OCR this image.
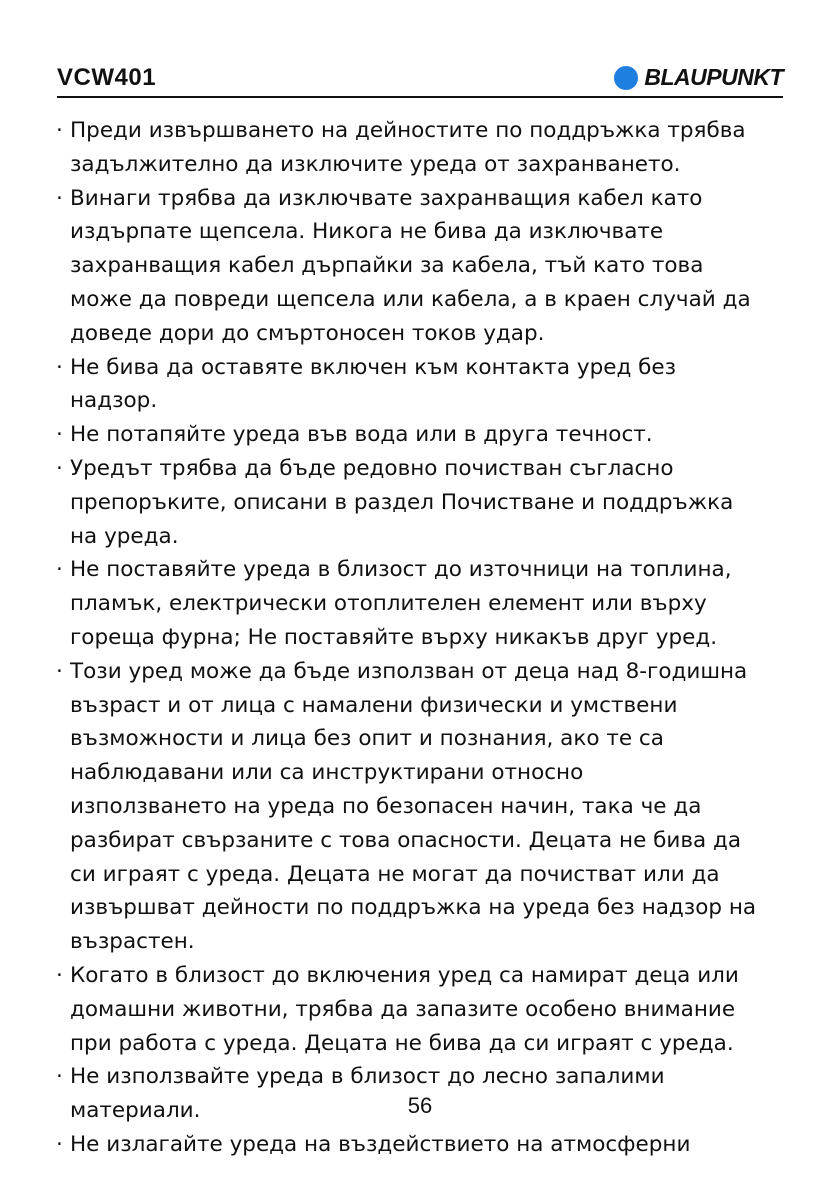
VCW401	BLAUPUNKT
· Преди извършването на дейностите по поддръжка трябва
задължително да изключите уреда от захранването.
· Винаги трябва да изключвате захранващия кабел като
издърпате щепсела. Никога не бива да изключвате
захранващия кабел дърпайки за кабела, тъй като това
може да повреди щепсела или кабела, а в краен случай да
доведе дори до смъртоносен токов удар.
· Не бива да оставяте включен към контакта уред без
надзор.
· Не потапяйте уреда във вода или в друга течност.
· Уредът трябва да бъде редовно почистван съгласно
препоръките, описани в раздел Почистване и поддръжка
на уреда.
· Не поставяйте уреда в близост до източници на топлина,
пламък, електрически отоплителен елемент или върху
гореща фурна; Не поставяйте върху никакъв друг уред.
· Този уред може да бъде използван от деца над 8-годишна
възраст и от лица с намалени физически и умствени
възможности и лица без опит и познания, ако те са
наблюдавани или са инструктирани относно
използването на уреда по безопасен начин, така че да
разбират свързаните с това опасности. Децата не бива да
си играят с уреда. Децата не могат да почистват или да
извършват дейности по поддръжка на уреда без надзор на
възрастен.
· Когато в близост до включения уред са намират деца или
домашни животни, трябва да запазите особено внимание
при работа с уреда. Децата не бива да си играят с уреда.
· Не използвайте уреда в близост до лесно запалими
материали.
· Не излагайте уреда на въздействието на атмосферни
56
